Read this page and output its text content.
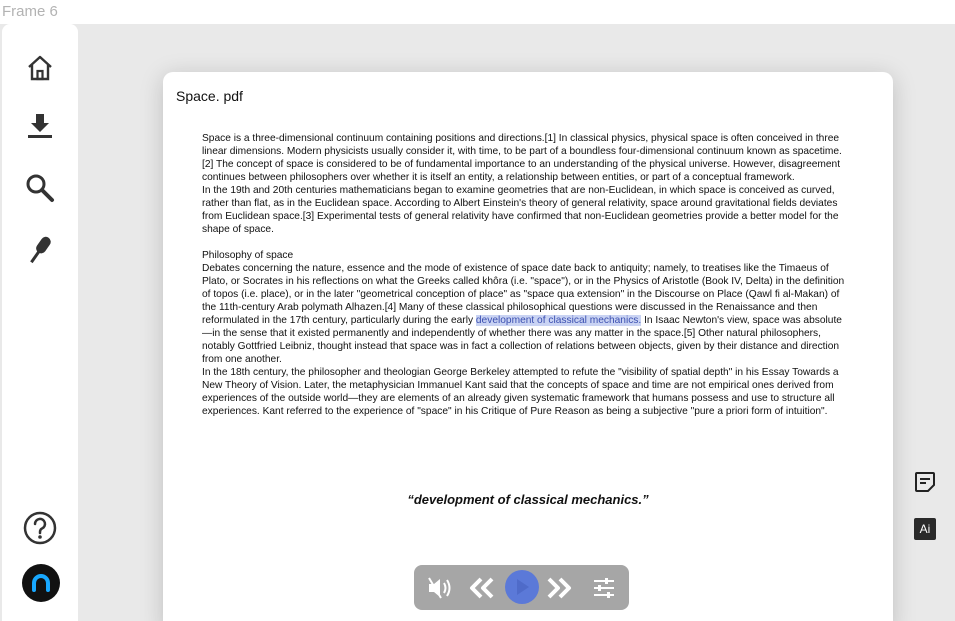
Frame 6
Space. pdf

Space is a three-dimensional continuum containing positions and directions.[1] In classical physics, physical space is often conceived in three linear dimensions. Modern physicists usually consider it, with time, to be part of a boundless four-dimensional continuum known as spacetime.[2] The concept of space is considered to be of fundamental importance to an understanding of the physical universe. However, disagreement continues between philosophers over whether it is itself an entity, a relationship between entities, or part of a conceptual framework.

In the 19th and 20th centuries mathematicians began to examine geometries that are non-Euclidean, in which space is conceived as curved, rather than flat, as in the Euclidean space. According to Albert Einstein's theory of general relativity, space around gravitational fields deviates from Euclidean space.[3] Experimental tests of general relativity have confirmed that non-Euclidean geometries provide a better model for the shape of space.

Philosophy of space

Debates concerning the nature, essence and the mode of existence of space date back to antiquity; namely, to treatises like the Timaeus of Plato, or Socrates in his reflections on what the Greeks called khôra (i.e. "space"), or in the Physics of Aristotle (Book IV, Delta) in the definition of topos (i.e. place), or in the later "geometrical conception of place" as "space qua extension" in the Discourse on Place (Qawl fi al-Makan) of the 11th-century Arab polymath Alhazen.[4] Many of these classical philosophical questions were discussed in the Renaissance and then reformulated in the 17th century, particularly during the early development of classical mechanics. In Isaac Newton's view, space was absolute—in the sense that it existed permanently and independently of whether there was any matter in the space.[5] Other natural philosophers, notably Gottfried Leibniz, thought instead that space was in fact a collection of relations between objects, given by their distance and direction from one another.

In the 18th century, the philosopher and theologian George Berkeley attempted to refute the "visibility of spatial depth" in his Essay Towards a New Theory of Vision. Later, the metaphysician Immanuel Kant said that the concepts of space and time are not empirical ones derived from experiences of the outside world—they are elements of an already given systematic framework that humans possess and use to structure all experiences. Kant referred to the experience of "space" in his Critique of Pure Reason as being a subjective "pure a priori form of intuition".

“development of classical mechanics.”
Ai
